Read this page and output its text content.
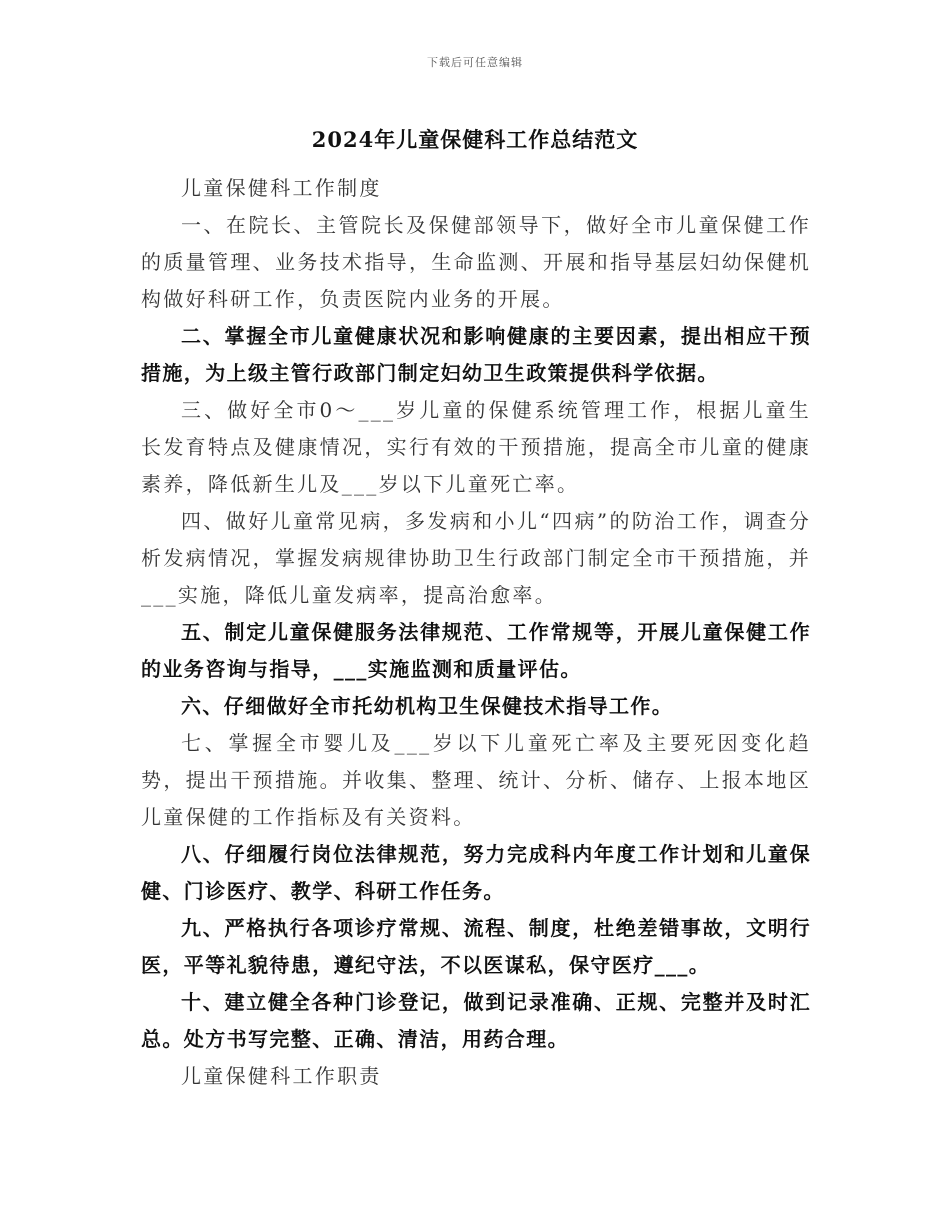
下载后可任意编辑
2024年儿童保健科工作总结范文

儿童保健科工作制度

一、在院长、主管院长及保健部领导下，做好全市儿童保健工作的质量管理、业务技术指导，生命监测、开展和指导基层妇幼保健机构做好科研工作，负责医院内业务的开展。

二、掌握全市儿童健康状况和影响健康的主要因素，提出相应干预措施，为上级主管行政部门制定妇幼卫生政策提供科学依据。

三、做好全市0～___岁儿童的保健系统管理工作，根据儿童生长发育特点及健康情况，实行有效的干预措施，提高全市儿童的健康素养，降低新生儿及___岁以下儿童死亡率。

四、做好儿童常见病，多发病和小儿“四病”的防治工作，调查分析发病情况，掌握发病规律协助卫生行政部门制定全市干预措施，并___实施，降低儿童发病率，提高治愈率。

五、制定儿童保健服务法律规范、工作常规等，开展儿童保健工作的业务咨询与指导，___实施监测和质量评估。

六、仔细做好全市托幼机构卫生保健技术指导工作。

七、掌握全市婴儿及___岁以下儿童死亡率及主要死因变化趋势，提出干预措施。并收集、整理、统计、分析、储存、上报本地区儿童保健的工作指标及有关资料。

八、仔细履行岗位法律规范，努力完成科内年度工作计划和儿童保健、门诊医疗、教学、科研工作任务。

九、严格执行各项诊疗常规、流程、制度，杜绝差错事故，文明行医，平等礼貌待患，遵纪守法，不以医谋私，保守医疗___。

十、建立健全各种门诊登记，做到记录准确、正规、完整并及时汇总。处方书写完整、正确、清洁，用药合理。

儿童保健科工作职责
